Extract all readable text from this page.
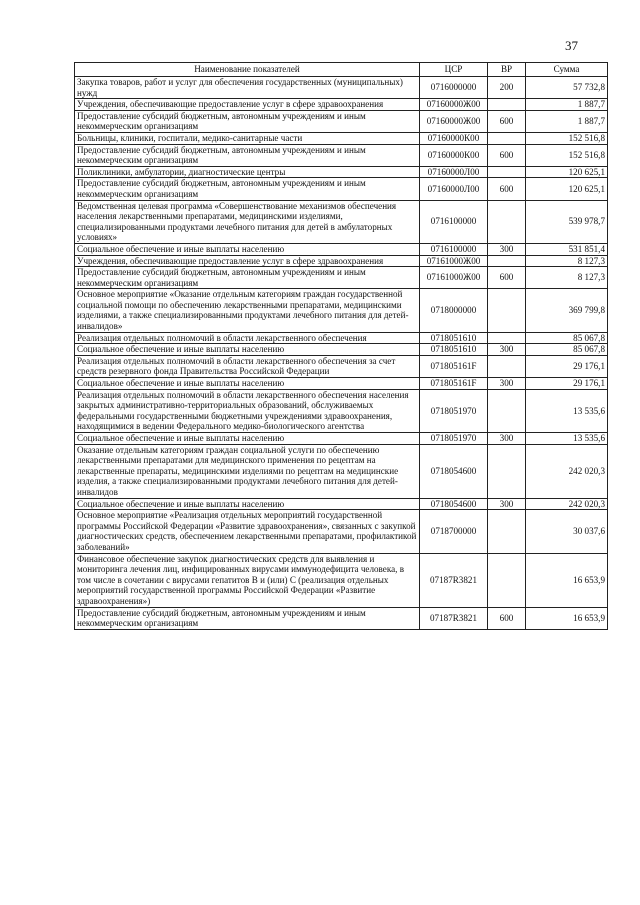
37
Наименование показателей	ЦСР	ВР	Сумма
Закупка товаров, работ и услуг для обеспечения государственных (муниципальных) нужд	0716000000	200	57 732,8
Учреждения, обеспечивающие предоставление услуг в сфере здравоохранения	07160000Ж00		1 887,7
Предоставление субсидий бюджетным, автономным учреждениям и иным некоммерческим организациям	07160000Ж00	600	1 887,7
Больницы, клиники, госпитали, медико-санитарные части	07160000К00		152 516,8
Предоставление субсидий бюджетным, автономным учреждениям и иным некоммерческим организациям	07160000К00	600	152 516,8
Поликлиники, амбулатории, диагностические центры	07160000Л00		120 625,1
Предоставление субсидий бюджетным, автономным учреждениям и иным некоммерческим организациям	07160000Л00	600	120 625,1
Ведомственная целевая программа «Совершенствование механизмов обеспечения населения лекарственными препаратами, медицинскими изделиями, специализированными продуктами лечебного питания для детей в амбулаторных условиях»	0716100000		539 978,7
Социальное обеспечение и иные выплаты населению	0716100000	300	531 851,4
Учреждения, обеспечивающие предоставление услуг в сфере здравоохранения	07161000Ж00		8 127,3
Предоставление субсидий бюджетным, автономным учреждениям и иным некоммерческим организациям	07161000Ж00	600	8 127,3
Основное мероприятие «Оказание отдельным категориям граждан государственной социальной помощи по обеспечению лекарственными препаратами, медицинскими изделиями, а также специализированными продуктами лечебного питания для детей-инвалидов»	0718000000		369 799,8
Реализация отдельных полномочий в области лекарственного обеспечения	0718051610		85 067,8
Социальное обеспечение и иные выплаты населению	0718051610	300	85 067,8
Реализация отдельных полномочий в области лекарственного обеспечения за счет средств резервного фонда Правительства Российской Федерации	071805161F		29 176,1
Социальное обеспечение и иные выплаты населению	071805161F	300	29 176,1
Реализация отдельных полномочий в области лекарственного обеспечения населения закрытых административно-территориальных образований, обслуживаемых федеральными государственными бюджетными учреждениями здравоохранения, находящимися в ведении Федерального медико-биологического агентства	0718051970		13 535,6
Социальное обеспечение и иные выплаты населению	0718051970	300	13 535,6
Оказание отдельным категориям граждан социальной услуги по обеспечению лекарственными препаратами для медицинского применения по рецептам на лекарственные препараты, медицинскими изделиями по рецептам на медицинские изделия, а также специализированными продуктами лечебного питания для детей-инвалидов	0718054600		242 020,3
Социальное обеспечение и иные выплаты населению	0718054600	300	242 020,3
Основное мероприятие «Реализация отдельных мероприятий государственной программы Российской Федерации «Развитие здравоохранения», связанных с закупкой диагностических средств, обеспечением лекарственными препаратами, профилактикой заболеваний»	0718700000		30 037,6
Финансовое обеспечение закупок диагностических средств для выявления и мониторинга лечения лиц, инфицированных вирусами иммунодефицита человека, в том числе в сочетании с вирусами гепатитов В и (или) С (реализация отдельных мероприятий государственной программы Российской Федерации «Развитие здравоохранения»)	07187R3821		16 653,9
Предоставление субсидий бюджетным, автономным учреждениям и иным некоммерческим организациям	07187R3821	600	16 653,9
